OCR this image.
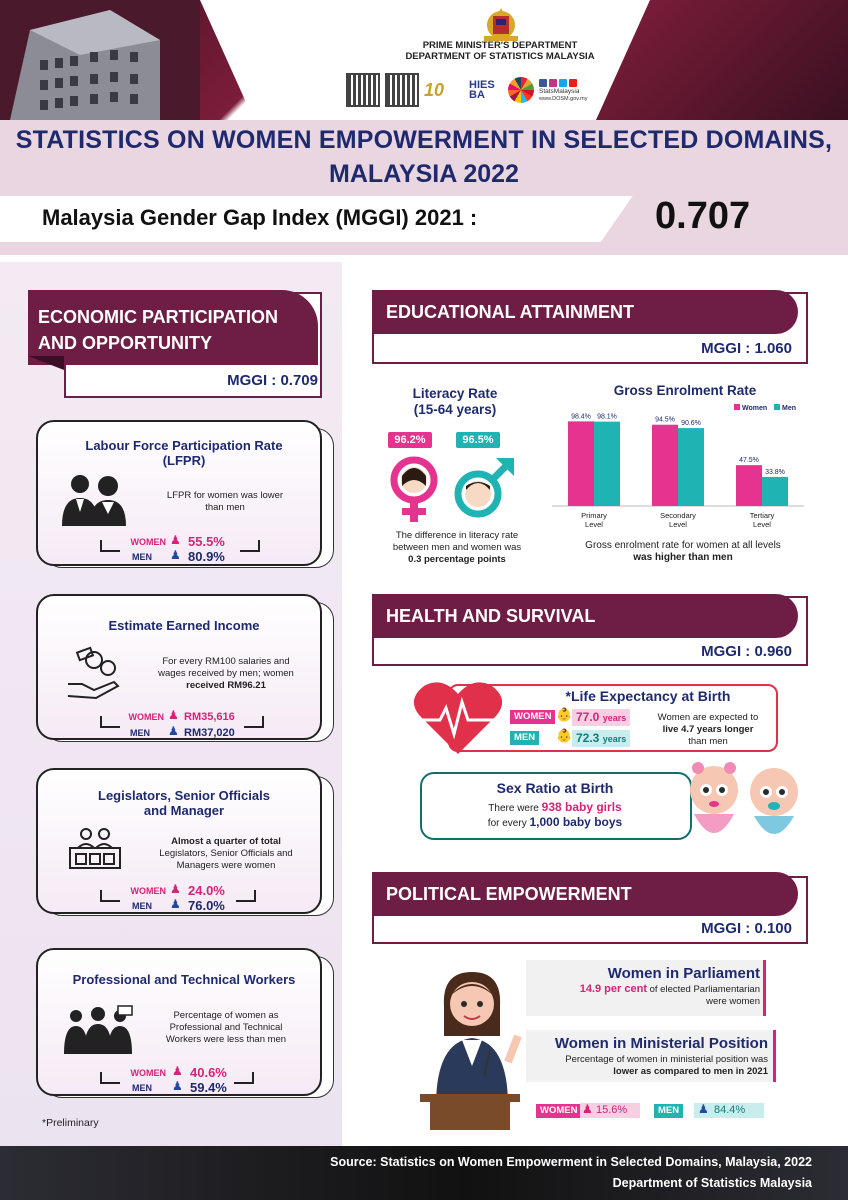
PRIME MINISTER'S DEPARTMENT
DEPARTMENT OF STATISTICS MALAYSIA
10	HIES BA	StatsMalaysia
www.DOSM.gov.my
STATISTICS ON WOMEN EMPOWERMENT IN SELECTED DOMAINS,
MALAYSIA 2022
Malaysia Gender Gap Index (MGGI) 2021 :	0.707
ECONOMIC PARTICIPATION
AND OPPORTUNITY
MGGI : 0.709
Labour Force Participation Rate
(LFPR)
LFPR for women was lower
than men
WOMEN ♟ 55.5%
MEN ♟ 80.9%
Estimate Earned Income
For every RM100 salaries and
wages received by men; women
received RM96.21
WOMEN ♟ RM35,616
MEN ♟ RM37,020
Legislators, Senior Officials
and Manager
Almost a quarter of total
Legislators, Senior Officials and
Managers were women
WOMEN ♟ 24.0%
MEN ♟ 76.0%
Professional and Technical Workers
Percentage of women as
Professional and Technical
Workers were less than men
WOMEN ♟ 40.6%
MEN ♟ 59.4%
*Preliminary
EDUCATIONAL ATTAINMENT
MGGI : 1.060
Literacy Rate
(15-64 years)
96.2%	96.5%
The difference in literacy rate
between men and women was
0.3 percentage points
Gross Enrolment Rate
Women Men
98.4% 98.1%
Primary
Level
94.5% 90.6%
Secondary
Level
47.5%
33.8%
Tertiary
Level
Gross enrolment rate for women at all levels
was higher than men
HEALTH AND SURVIVAL
MGGI : 0.960
*Life Expectancy at Birth
WOMEN 👶 77.0 years
MEN	👶 72.3 years
Women are expected to
live 4.7 years longer
than men
Sex Ratio at Birth
There were 938 baby girls
for every 1,000 baby boys
POLITICAL EMPOWERMENT
MGGI : 0.100
Women in Parliament
14.9 per cent of elected Parliamentarian
were women
Women in Ministerial Position
Percentage of women in ministerial position was
lower as compared to men in 2021
WOMEN ♟ 15.6%	MEN	♟ 84.4%
Source: Statistics on Women Empowerment in Selected Domains, Malaysia, 2022
Department of Statistics Malaysia
